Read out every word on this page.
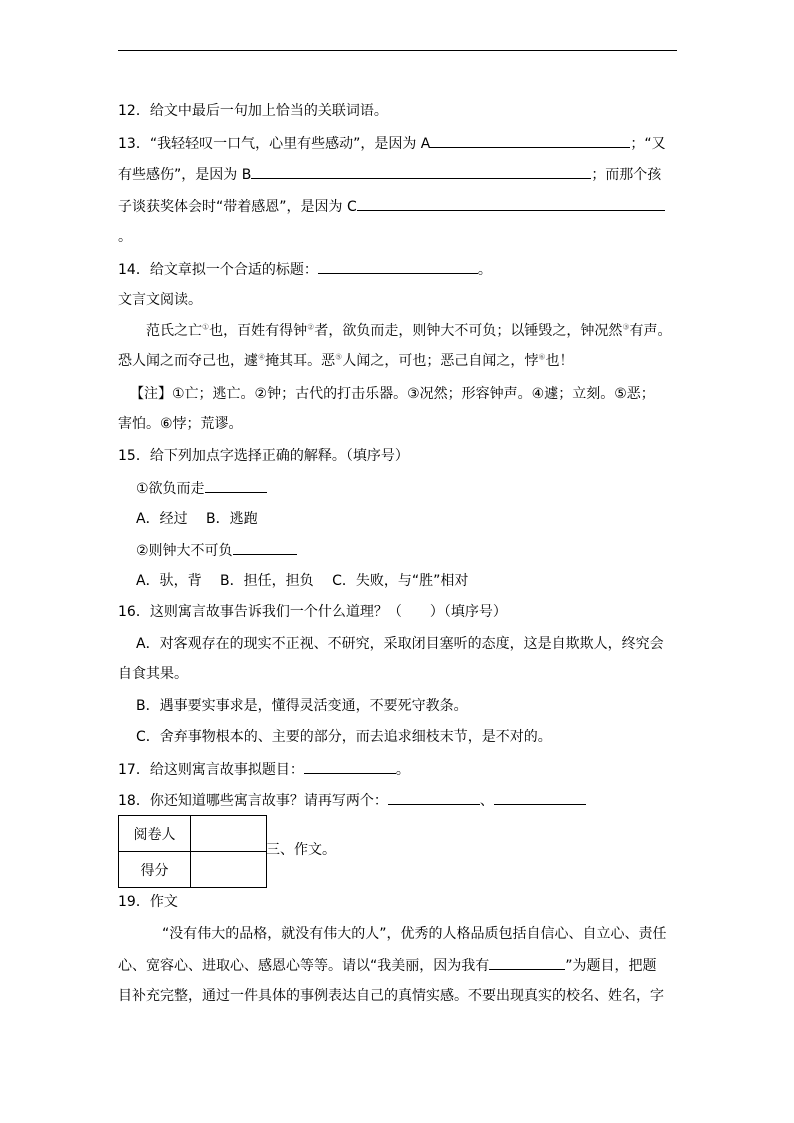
12．给文中最后一句加上恰当的关联词语。
13．“我轻轻叹一口气，心里有些感动”，是因为 A	；“又
有些感伤”，是因为 B	；而那个孩
子谈获奖体会时“带着感恩”，是因为 C
。
14．给文章拟一个合适的标题：	。
文言文阅读。
范氏之亡①也，百姓有得钟②者，欲负而走，则钟大不可负；以锤毁之，钟况然③有声。
恐人闻之而夺己也，遽④掩其耳。恶⑤人闻之，可也；恶己自闻之，悖⑥也！
【注】①亡；逃亡。②钟；古代的打击乐器。③况然；形容钟声。④遽；立刻。⑤恶；
害怕。⑥悖；荒谬。
15．给下列加点字选择正确的解释。（填序号）
①欲负而走
A．经过　 B．逃跑
②则钟大不可负
A．驮，背　 B．担任，担负　 C．失败，与“胜”相对
16．这则寓言故事告诉我们一个什么道理？（　　）（填序号）
A．对客观存在的现实不正视、不研究，采取闭目塞听的态度，这是自欺欺人，终究会
自食其果。
B．遇事要实事求是，懂得灵活变通，不要死守教条。
C．舍弃事物根本的、主要的部分，而去追求细枝末节，是不对的。
17．给这则寓言故事拟题目：	。
18．你还知道哪些寓言故事？请再写两个：	、
阅卷人	
得分	
三、作文。
19．作文
“没有伟大的品格，就没有伟大的人”，优秀的人格品质包括自信心、自立心、责任
心、宽容心、进取心、感恩心等等。请以“我美丽，因为我有	”为题目，把题
目补充完整，通过一件具体的事例表达自己的真情实感。不要出现真实的校名、姓名，字
